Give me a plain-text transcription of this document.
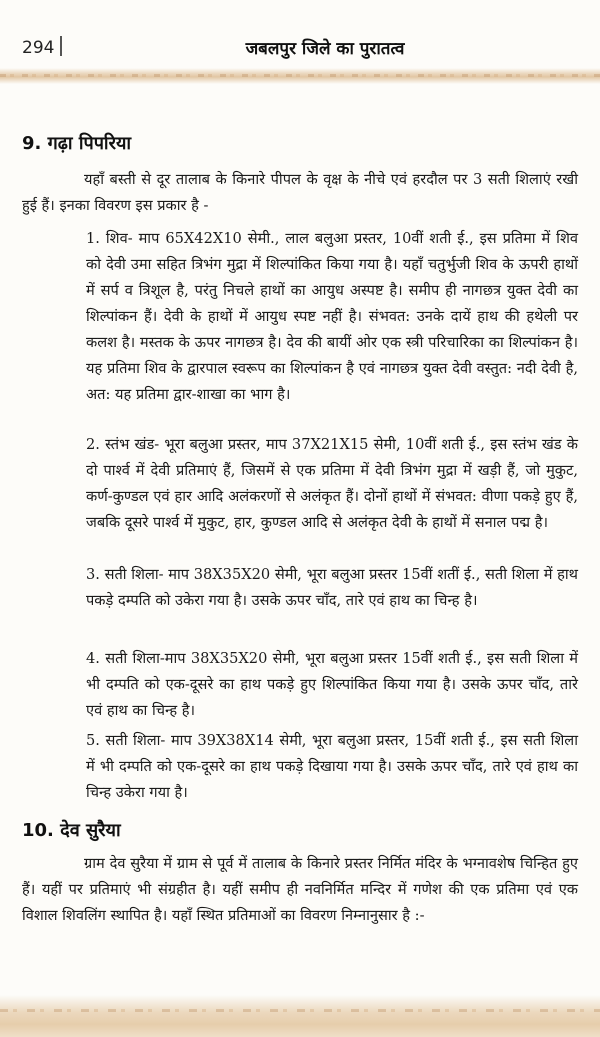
294	जबलपुर जिले का पुरातत्व
9. गढ़ा पिपरिया

यहाँ बस्ती से दूर तालाब के किनारे पीपल के वृक्ष के नीचे एवं हरदौल पर 3 सती शिलाएं रखी हुई हैं। इनका विवरण इस प्रकार है -

1. शिव- माप 65X42X10 सेमी., लाल बलुआ प्रस्तर, 10वीं शती ई., इस प्रतिमा में शिव को देवी उमा सहित त्रिभंग मुद्रा में शिल्पांकित किया गया है। यहाँ चतुर्भुजी शिव के ऊपरी हाथों में सर्प व त्रिशूल है, परंतु निचले हाथों का आयुध अस्पष्ट है। समीप ही नागछत्र युक्त देवी का शिल्पांकन हैं। देवी के हाथों में आयुध स्पष्ट नहीं है। संभवत: उनके दायें हाथ की हथेली पर कलश है। मस्तक के ऊपर नागछत्र है। देव की बायीं ओर एक स्त्री परिचारिका का शिल्पांकन है। यह प्रतिमा शिव के द्वारपाल स्वरूप का शिल्पांकन है एवं नागछत्र युक्त देवी वस्तुत: नदी देवी है, अत: यह प्रतिमा द्वार-शाखा का भाग है।

2. स्तंभ खंड- भूरा बलुआ प्रस्तर, माप 37X21X15 सेमी, 10वीं शती ई., इस स्तंभ खंड के दो पार्श्व में देवी प्रतिमाएं हैं, जिसमें से एक प्रतिमा में देवी त्रिभंग मुद्रा में खड़ी हैं, जो मुकुट, कर्ण-कुण्डल एवं हार आदि अलंकरणों से अलंकृत हैं। दोनों हाथों में संभवत: वीणा पकड़े हुए हैं, जबकि दूसरे पार्श्व में मुकुट, हार, कुण्डल आदि से अलंकृत देवी के हाथों में सनाल पद्म है।

3. सती शिला- माप 38X35X20 सेमी, भूरा बलुआ प्रस्तर 15वीं शतीं ई., सती शिला में हाथ पकड़े दम्पति को उकेरा गया है। उसके ऊपर चाँद, तारे एवं हाथ का चिन्ह है।

4. सती शिला-माप 38X35X20 सेमी, भूरा बलुआ प्रस्तर 15वीं शती ई., इस सती शिला में भी दम्पति को एक-दूसरे का हाथ पकड़े हुए शिल्पांकित किया गया है। उसके ऊपर चाँद, तारे एवं हाथ का चिन्ह है।

5. सती शिला- माप 39X38X14 सेमी, भूरा बलुआ प्रस्तर, 15वीं शती ई., इस सती शिला में भी दम्पति को एक-दूसरे का हाथ पकड़े दिखाया गया है। उसके ऊपर चाँद, तारे एवं हाथ का चिन्ह उकेरा गया है।

10. देव सुरैया

ग्राम देव सुरैया में ग्राम से पूर्व में तालाब के किनारे प्रस्तर निर्मित मंदिर के भग्नावशेष चिन्हित हुए हैं। यहीं पर प्रतिमाएं भी संग्रहीत है। यहीं समीप ही नवनिर्मित मन्दिर में गणेश की एक प्रतिमा एवं एक विशाल शिवलिंग स्थापित है। यहाँ स्थित प्रतिमाओं का विवरण निम्नानुसार है :-
